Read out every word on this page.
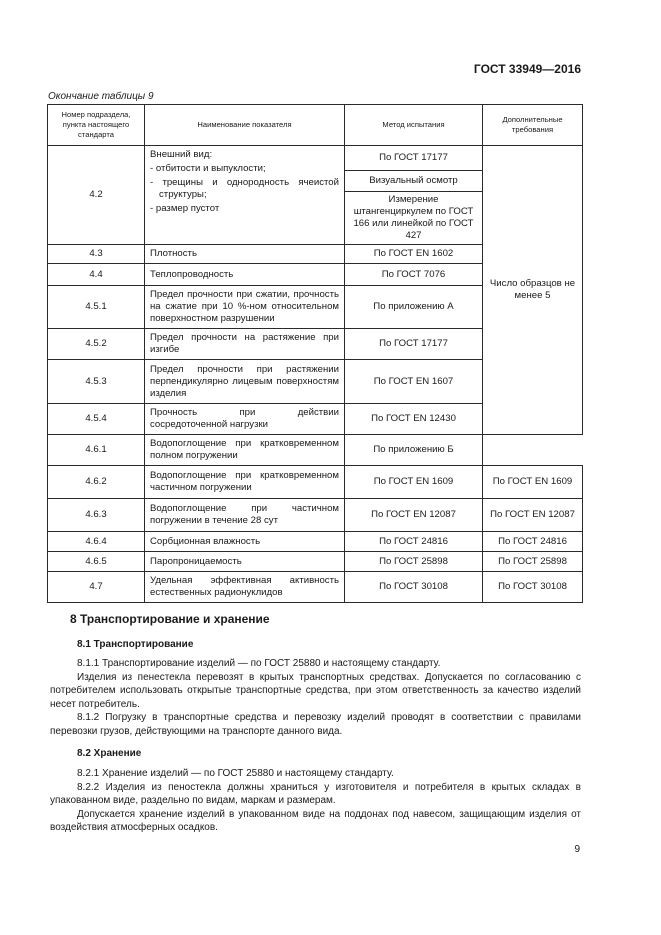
ГОСТ 33949—2016
Окончание таблицы 9
Номер подраздела, пункта настоящего стандарта	Наименование показателя	Метод испытания	Дополнительные требования
4.2	Внешний вид:
- отбитости и выпуклости;
- трещины и однородность ячеистой структуры;
- размер пустот	По ГОСТ 17177	Число образцов не менее 5
		Визуальный осмотр	
		Измерение штангенциркулем по ГОСТ 166 или линейкой по ГОСТ 427	
4.3	Плотность	По ГОСТ EN 1602	
4.4	Теплопроводность	По ГОСТ 7076	
4.5.1	Предел прочности при сжатии, прочность на сжатие при 10 %-ном относительном поверхностном разрушении	По приложению А	
4.5.2	Предел прочности на растяжение при изгибе	По ГОСТ 17177	
4.5.3	Предел прочности при растяжении перпендикулярно лицевым поверхностям изделия	По ГОСТ EN 1607	
4.5.4	Прочность при действии сосредоточенной нагрузки	По ГОСТ EN 12430	
4.6.1	Водопоглощение при кратковременном полном погружении	По приложению Б	
4.6.2	Водопоглощение при кратковременном частичном погружении	По ГОСТ EN 1609	По ГОСТ EN 1609
4.6.3	Водопоглощение при частичном погружении в течение 28 сут	По ГОСТ EN 12087	По ГОСТ EN 12087
4.6.4	Сорбционная влажность	По ГОСТ 24816	По ГОСТ 24816
4.6.5	Паропроницаемость	По ГОСТ 25898	По ГОСТ 25898
4.7	Удельная эффективная активность естественных радионуклидов	По ГОСТ 30108	По ГОСТ 30108
8 Транспортирование и хранение
8.1 Транспортирование
8.1.1 Транспортирование изделий — по ГОСТ 25880 и настоящему стандарту.
Изделия из пенестекла перевозят в крытых транспортных средствах. Допускается по согласованию с потребителем использовать открытые транспортные средства, при этом ответственность за качество изделий несет потребитель.
8.1.2 Погрузку в транспортные средства и перевозку изделий проводят в соответствии с правилами перевозки грузов, действующими на транспорте данного вида.
8.2 Хранение
8.2.1 Хранение изделий — по ГОСТ 25880 и настоящему стандарту.
8.2.2 Изделия из пеностекла должны храниться у изготовителя и потребителя в крытых складах в упакованном виде, раздельно по видам, маркам и размерам.
Допускается хранение изделий в упакованном виде на поддонах под навесом, защищающим изделия от воздействия атмосферных осадков.
9
